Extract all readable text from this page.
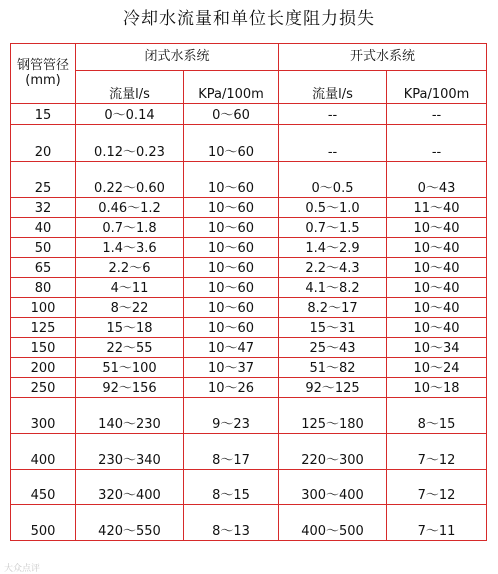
冷却水流量和单位长度阻力损失
钢管管径
(mm)	闭式水系统		开式水系统	
	流量l/s	KPa/100m	流量l/s	KPa/100m
15	0～0.14	0～60	--	--
20	0.12～0.23	10～60	--	--
25	0.22～0.60	10～60	0～0.5	0～43
32	0.46～1.2	10～60	0.5～1.0	11～40
40	0.7～1.8	10～60	0.7～1.5	10～40
50	1.4～3.6	10～60	1.4～2.9	10～40
65	2.2～6	10～60	2.2～4.3	10～40
80	4～11	10～60	4.1～8.2	10～40
100	8～22	10～60	8.2～17	10～40
125	15～18	10～60	15～31	10～40
150	22～55	10～47	25～43	10～34
200	51～100	10～37	51～82	10～24
250	92～156	10～26	92～125	10～18
300	140～230	9～23	125～180	8～15
400	230～340	8～17	220～300	7～12
450	320～400	8～15	300～400	7～12
500	420～550	8～13	400～500	7～11
大众点评
